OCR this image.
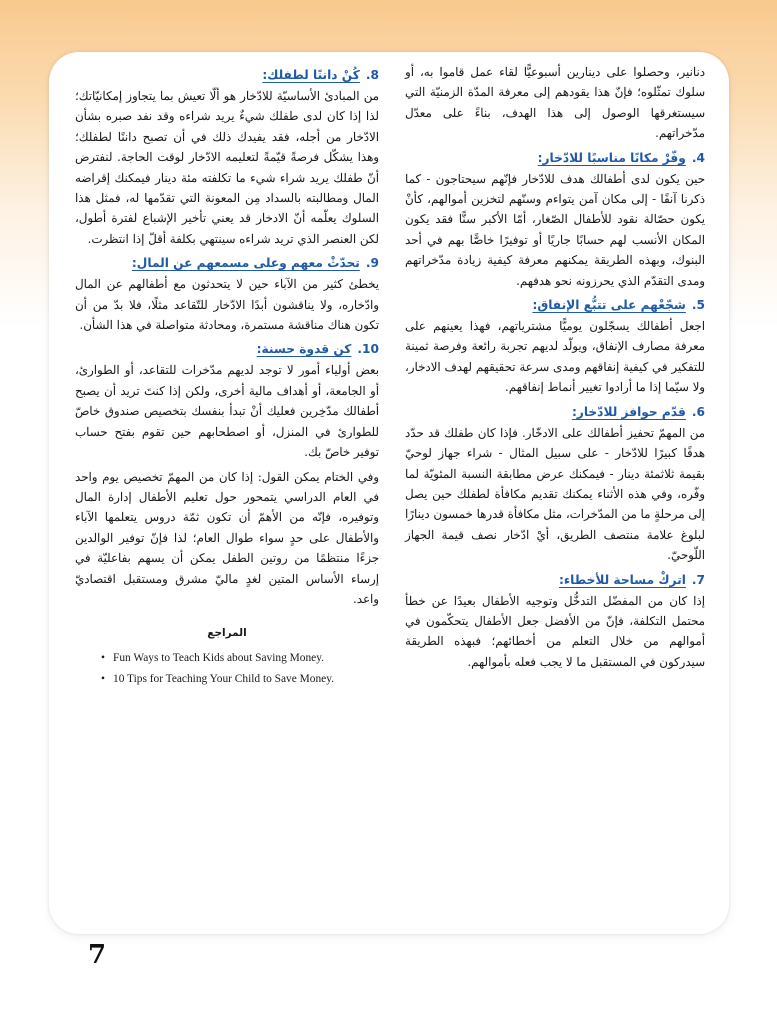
دنانير، وحصلوا على دينارين أسبوعيًّا لقاء عمل قاموا به، أو سلوك تمثّلوه؛ فإنّ هذا يقودهم إلى معرفة المدّة الزمنيّة التي سيستغرقها الوصول إلى هذا الهدف، بناءً على معدّل مدّخراتهم.

4.وفّرْ مكانًا مناسبًا للادّخار:

حين يكون لدى أطفالك هدف للادّخار فإنّهم سيحتاجون - كما ذكرنا آنفًا - إلى مكان آمن يتواءم وسنّهم لتخزين أموالهم، كأنْ يكون حصّالة نقود للأطفال الصّغار، أمّا الأكبر سنًّا فقد يكون المكان الأنسب لهم حسابًا جاريًا أو توفيرًا خاصًّا بهم في أحد البنوك، وبهذه الطريقة يمكنهم معرفة كيفية زيادة مدّخراتهم ومدى التقدّم الذي يحرزونه نحو هدفهم.

5.شجّعْهم على تتبُّع الإنفاق:

اجعل أطفالك يسجّلون يوميًّا مشترياتهم، فهذا يعينهم على معرفة مصارف الإنفاق، ويولّد لديهم تجربة رائعة وفرصة ثمينة للتفكير في كيفية إنفاقهم ومدى سرعة تحقيقهم لهدف الادخار، ولا سيّما إذا ما أرادوا تغيير أنماط إنفاقهم.

6.قدّم حوافز للادّخار:

من المهمّ تحفيز أطفالك على الادخّار. فإذا كان طفلك قد حدّد هدفًا كبيرًا للادّخار - على سبيل المثال - شراء جهاز لوحيّ بقيمة ثلاثمئة دينار - فيمكنك عرض مطابقة النسبة المئويّة لما وفّره، وفي هذه الأثناء يمكنك تقديم مكافأة لطفلك حين يصل إلى مرحلةٍ ما من المدّخرات، مثل مكافأة قدرها خمسون دينارًا لبلوغ علامة منتصف الطريق، أيْ ادّخار نصف قيمة الجهاز اللّوحيّ.

7.اتركْ مساحة للأخطاء:

إذا كان من المفضّل التدخُّل وتوجيه الأطفال بعيدًا عن خطأ محتمل التكلفة، فإنّ من الأفضل جعل الأطفال يتحكّمون في أموالهم من خلال التعلم من أخطائهم؛ فبهذه الطريقة سيدركون في المستقبل ما لا يجب فعله بأموالهم.

8.كُنْ داننًا لطفلك:

من المبادئ الأساسيّة للادّخار هو ألّا تعيش بما يتجاوز إمكانيّاتك؛ لذا إذا كان لدى طفلك شيءٌ يريد شراءه وقد نفد صبره بشأن الادّخار من أجله، فقد يفيدك ذلك في أن تصبح داننًا لطفلك؛ وهذا يشكّل فرصةً قيّمةً لتعليمه الادّخار لوقت الحاجة. لنفترض أنّ طفلك يريد شراء شيء ما تكلفته مئة دينار فيمكنك إقراضه المال ومطالبته بالسداد مِن المعونة التي تقدّمها له، فمثل هذا السلوك يعلّمه أنّ الادخار قد يعني تأخير الإشباع لفترة أطول، لكن العنصر الذي تريد شراءه سينتهي بكلفة أقلّ إذا انتظرت.

9.تحدّثْ معهم وعلى مسمعهم عن المال:

يخطئ كثير من الآباء حين لا يتحدثون مع أطفالهم عن المال وادّخاره، ولا يناقشون أبدًا الادّخار للتّقاعد مثلًا، فلا بدّ من أن تكون هناك مناقشة مستمرة، ومحادثة متواصلة في هذا الشأن.

10.كن قدوة حسنة:

بعض أولياء أمور لا توجد لديهم مدّخرات للتقاعد، أو الطوارئ، أو الجامعة، أو أهداف مالية أخرى، ولكن إذا كنتَ تريد أن يصبح أطفالك مدّخِرين فعليك أنْ تبدأ بنفسك بتخصيص صندوق خاصّ للطوارئ في المنزل، أو اصطحابهم حين تقوم بفتح حساب توفير خاصّ بك.

وفي الختام يمكن القول: إذا كان من المهمّ تخصيص يوم واحد في العام الدراسي يتمحور حول تعليم الأطفال إدارة المال وتوفيره، فإنّه من الأهمّ أن تكون ثمّة دروس يتعلمها الآباء والأطفال على حدٍ سواء طوال العام؛ لذا فإنّ توفير الوالدين جزءًا منتظمًا من روتين الطفل يمكن أن يسهم بفاعليّة في إرساء الأساس المتين لغدٍ ماليّ مشرق ومستقبل اقتصاديّ واعد.

المراجع
• Fun Ways to Teach Kids about Saving Money.
• 10 Tips for Teaching Your Child to Save Money.
7
